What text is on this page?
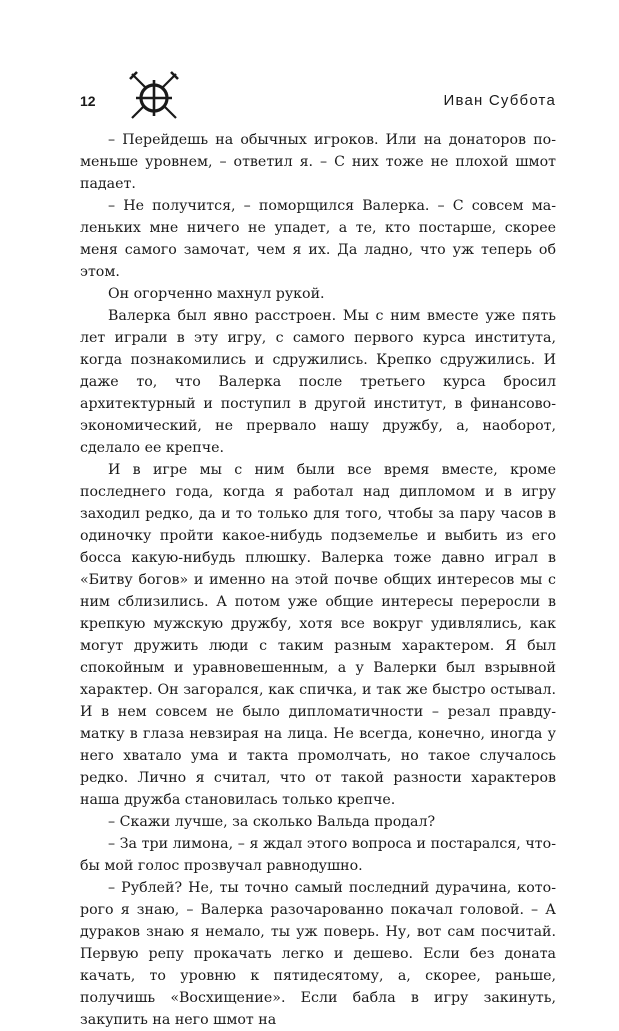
12	Иван Суббота

– Перейдешь на обычных игроков. Или на донаторов поменьше уровнем, – ответил я. – С них тоже не плохой шмот падает.

– Не получится, – поморщился Валерка. – С совсем маленьких мне ничего не упадет, а те, кто постарше, скорее меня самого замочат, чем я их. Да ладно, что уж теперь об этом.

Он огорченно махнул рукой.

Валерка был явно расстроен. Мы с ним вместе уже пять лет играли в эту игру, с самого первого курса института, когда познакомились и сдружились. Крепко сдружились. И даже то, что Валерка после третьего курса бросил архитектурный и поступил в другой институт, в финансово-экономический, не прервало нашу дружбу, а, наоборот, сделало ее крепче.

И в игре мы с ним были все время вместе, кроме последнего года, когда я работал над дипломом и в игру заходил редко, да и то только для того, чтобы за пару часов в одиночку пройти какое-нибудь подземелье и выбить из его босса какую-нибудь плюшку. Валерка тоже давно играл в «Битву богов» и именно на этой почве общих интересов мы с ним сблизились. А потом уже общие интересы переросли в крепкую мужскую дружбу, хотя все вокруг удивлялись, как могут дружить люди с таким разным характером. Я был спокойным и уравновешенным, а у Валерки был взрывной характер. Он загорался, как спичка, и так же быстро остывал. И в нем совсем не было дипломатичности – резал правду-матку в глаза невзирая на лица. Не всегда, конечно, иногда у него хватало ума и такта промолчать, но такое случалось редко. Лично я считал, что от такой разности характеров наша дружба становилась только крепче.

– Скажи лучше, за сколько Вальда продал?

– За три лимона, – я ждал этого вопроса и постарался, чтобы мой голос прозвучал равнодушно.

– Рублей? Не, ты точно самый последний дурачина, которого я знаю, – Валерка разочарованно покачал головой. – А дураков знаю я немало, ты уж поверь. Ну, вот сам посчитай. Первую репу прокачать легко и дешево. Если без доната качать, то уровню к пятидесятому, а, скорее, раньше, получишь «Восхищение». Если бабла в игру закинуть, закупить на него шмот на
